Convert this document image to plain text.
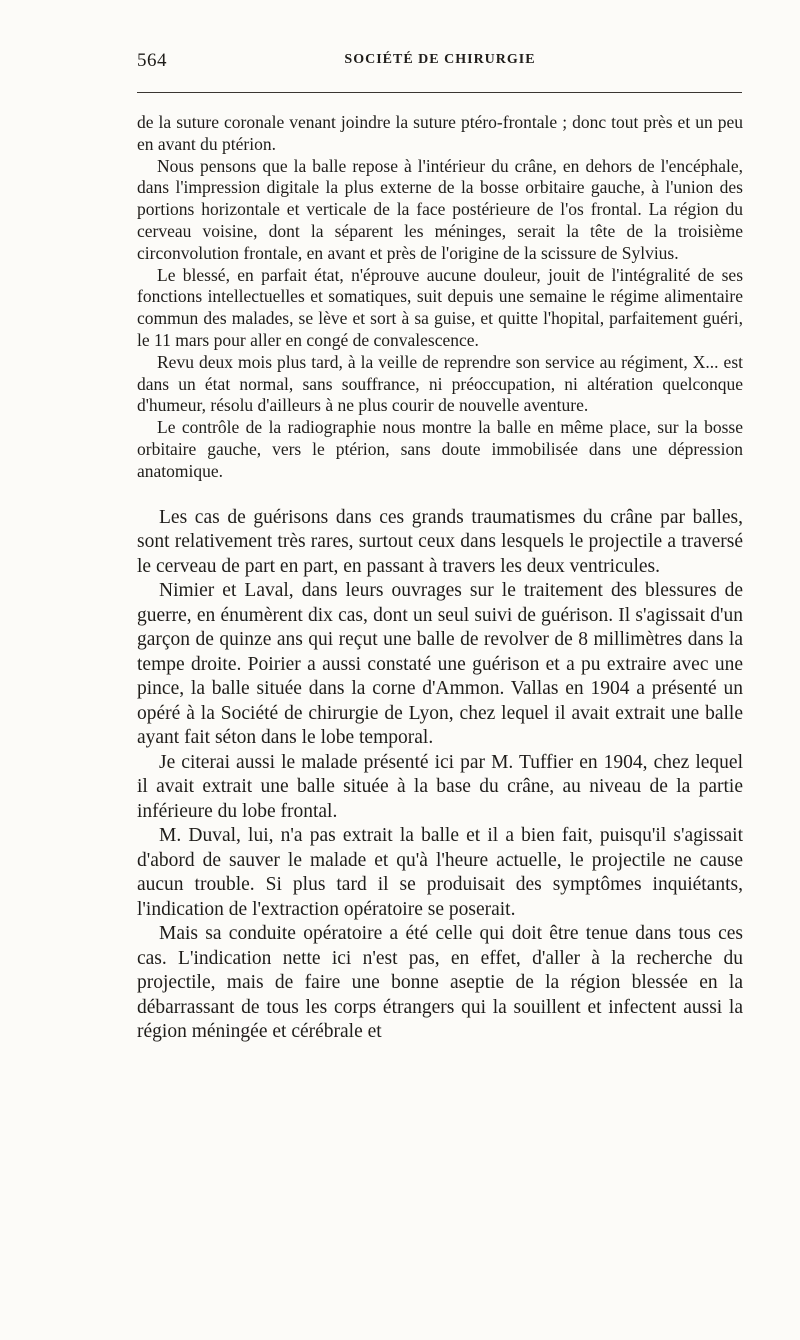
564	SOCIÉTÉ DE CHIRURGIE

de la suture coronale venant joindre la suture ptéro-frontale ; donc tout près et un peu en avant du ptérion.

Nous pensons que la balle repose à l'intérieur du crâne, en dehors de l'encéphale, dans l'impression digitale la plus externe de la bosse orbitaire gauche, à l'union des portions horizontale et verticale de la face postérieure de l'os frontal. La région du cerveau voisine, dont la séparent les méninges, serait la tête de la troisième circonvolution frontale, en avant et près de l'origine de la scissure de Sylvius.

Le blessé, en parfait état, n'éprouve aucune douleur, jouit de l'intégralité de ses fonctions intellectuelles et somatiques, suit depuis une semaine le régime alimentaire commun des malades, se lève et sort à sa guise, et quitte l'hopital, parfaitement guéri, le 11 mars pour aller en congé de convalescence.

Revu deux mois plus tard, à la veille de reprendre son service au régiment, X... est dans un état normal, sans souffrance, ni préoccupation, ni altération quelconque d'humeur, résolu d'ailleurs à ne plus courir de nouvelle aventure.

Le contrôle de la radiographie nous montre la balle en même place, sur la bosse orbitaire gauche, vers le ptérion, sans doute immobilisée dans une dépression anatomique.

Les cas de guérisons dans ces grands traumatismes du crâne par balles, sont relativement très rares, surtout ceux dans lesquels le projectile a traversé le cerveau de part en part, en passant à travers les deux ventricules.

Nimier et Laval, dans leurs ouvrages sur le traitement des blessures de guerre, en énumèrent dix cas, dont un seul suivi de guérison. Il s'agissait d'un garçon de quinze ans qui reçut une balle de revolver de 8 millimètres dans la tempe droite. Poirier a aussi constaté une guérison et a pu extraire avec une pince, la balle située dans la corne d'Ammon. Vallas en 1904 a présenté un opéré à la Société de chirurgie de Lyon, chez lequel il avait extrait une balle ayant fait séton dans le lobe temporal.

Je citerai aussi le malade présenté ici par M. Tuffier en 1904, chez lequel il avait extrait une balle située à la base du crâne, au niveau de la partie inférieure du lobe frontal.

M. Duval, lui, n'a pas extrait la balle et il a bien fait, puisqu'il s'agissait d'abord de sauver le malade et qu'à l'heure actuelle, le projectile ne cause aucun trouble. Si plus tard il se produisait des symptômes inquiétants, l'indication de l'extraction opératoire se poserait.

Mais sa conduite opératoire a été celle qui doit être tenue dans tous ces cas. L'indication nette ici n'est pas, en effet, d'aller à la recherche du projectile, mais de faire une bonne aseptie de la région blessée en la débarrassant de tous les corps étrangers qui la souillent et infectent aussi la région méningée et cérébrale et
